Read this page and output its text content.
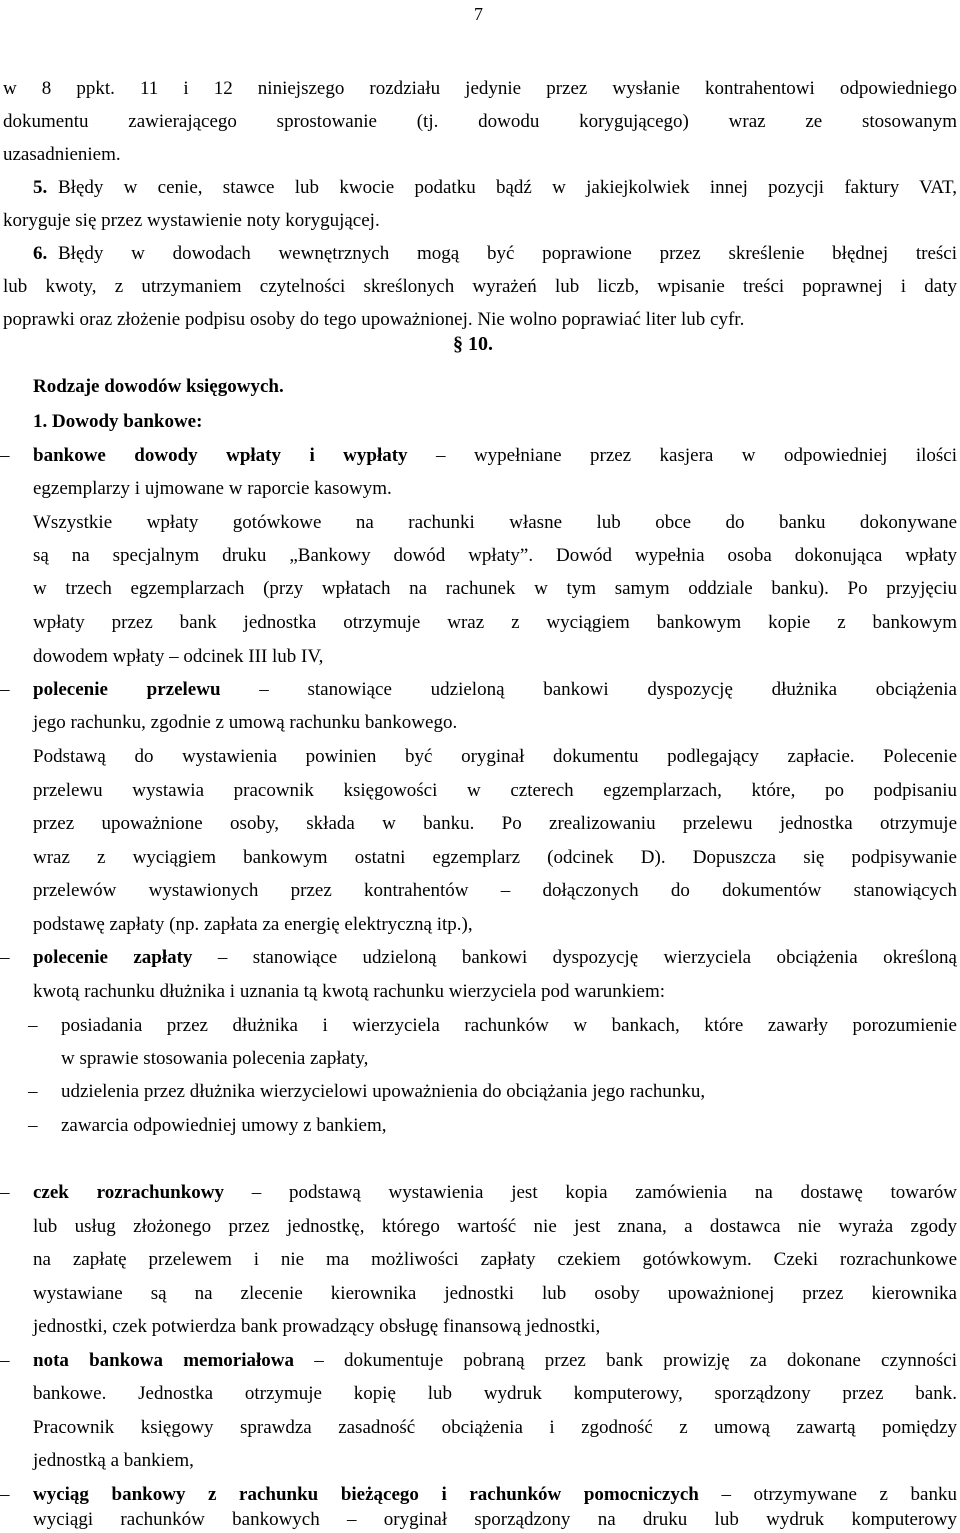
7
w 8 ppkt. 11 i 12 niniejszego rozdziału jedynie przez wysłanie kontrahentowi odpowiedniego
dokumentu zawierającego sprostowanie (tj. dowodu korygującego) wraz ze stosowanym
uzasadnieniem.
5. Błędy w cenie, stawce lub kwocie podatku bądź w jakiejkolwiek innej pozycji faktury VAT,
koryguje się przez wystawienie noty korygującej.
6. Błędy w dowodach wewnętrznych mogą być poprawione przez skreślenie błędnej treści
lub kwoty, z utrzymaniem czytelności skreślonych wyrażeń lub liczb, wpisanie treści poprawnej i daty
poprawki oraz złożenie podpisu osoby do tego upoważnionej. Nie wolno poprawiać liter lub cyfr.
§ 10.
Rodzaje dowodów księgowych.
1. Dowody bankowe:
– bankowe dowody wpłaty i wypłaty – wypełniane przez kasjera w odpowiedniej ilości
egzemplarzy i ujmowane w raporcie kasowym.
Wszystkie wpłaty gotówkowe na rachunki własne lub obce do banku dokonywane
są na specjalnym druku „Bankowy dowód wpłaty”. Dowód wypełnia osoba dokonująca wpłaty
w trzech egzemplarzach (przy wpłatach na rachunek w tym samym oddziale banku). Po przyjęciu
wpłaty przez bank jednostka otrzymuje wraz z wyciągiem bankowym kopie z bankowym
dowodem wpłaty – odcinek III lub IV,
– polecenie przelewu – stanowiące udzieloną bankowi dyspozycję dłużnika obciążenia
jego rachunku, zgodnie z umową rachunku bankowego.
Podstawą do wystawienia powinien być oryginał dokumentu podlegający zapłacie. Polecenie
przelewu wystawia pracownik księgowości w czterech egzemplarzach, które, po podpisaniu
przez upoważnione osoby, składa w banku. Po zrealizowaniu przelewu jednostka otrzymuje
wraz z wyciągiem bankowym ostatni egzemplarz (odcinek D). Dopuszcza się podpisywanie
przelewów wystawionych przez kontrahentów – dołączonych do dokumentów stanowiących
podstawę zapłaty (np. zapłata za energię elektryczną itp.),
– polecenie zapłaty – stanowiące udzieloną bankowi dyspozycję wierzyciela obciążenia określoną
kwotą rachunku dłużnika i uznania tą kwotą rachunku wierzyciela pod warunkiem:
– posiadania przez dłużnika i wierzyciela rachunków w bankach, które zawarły porozumienie
w sprawie stosowania polecenia zapłaty,
– udzielenia przez dłużnika wierzycielowi upoważnienia do obciążania jego rachunku,
– zawarcia odpowiedniej umowy z bankiem,
– czek rozrachunkowy – podstawą wystawienia jest kopia zamówienia na dostawę towarów
lub usług złożonego przez jednostkę, którego wartość nie jest znana, a dostawca nie wyraża zgody
na zapłatę przelewem i nie ma możliwości zapłaty czekiem gotówkowym. Czeki rozrachunkowe
wystawiane są na zlecenie kierownika jednostki lub osoby upoważnionej przez kierownika
jednostki, czek potwierdza bank prowadzący obsługę finansową jednostki,
– nota bankowa memoriałowa – dokumentuje pobraną przez bank prowizję za dokonane czynności
bankowe. Jednostka otrzymuje kopię lub wydruk komputerowy, sporządzony przez bank.
Pracownik księgowy sprawdza zasadność obciążenia i zgodność z umową zawartą pomiędzy
jednostką a bankiem,
– wyciąg bankowy z rachunku bieżącego i rachunków pomocniczych – otrzymywane z banku
wyciągi rachunków bankowych – oryginał sporządzony na druku lub wydruk komputerowy
